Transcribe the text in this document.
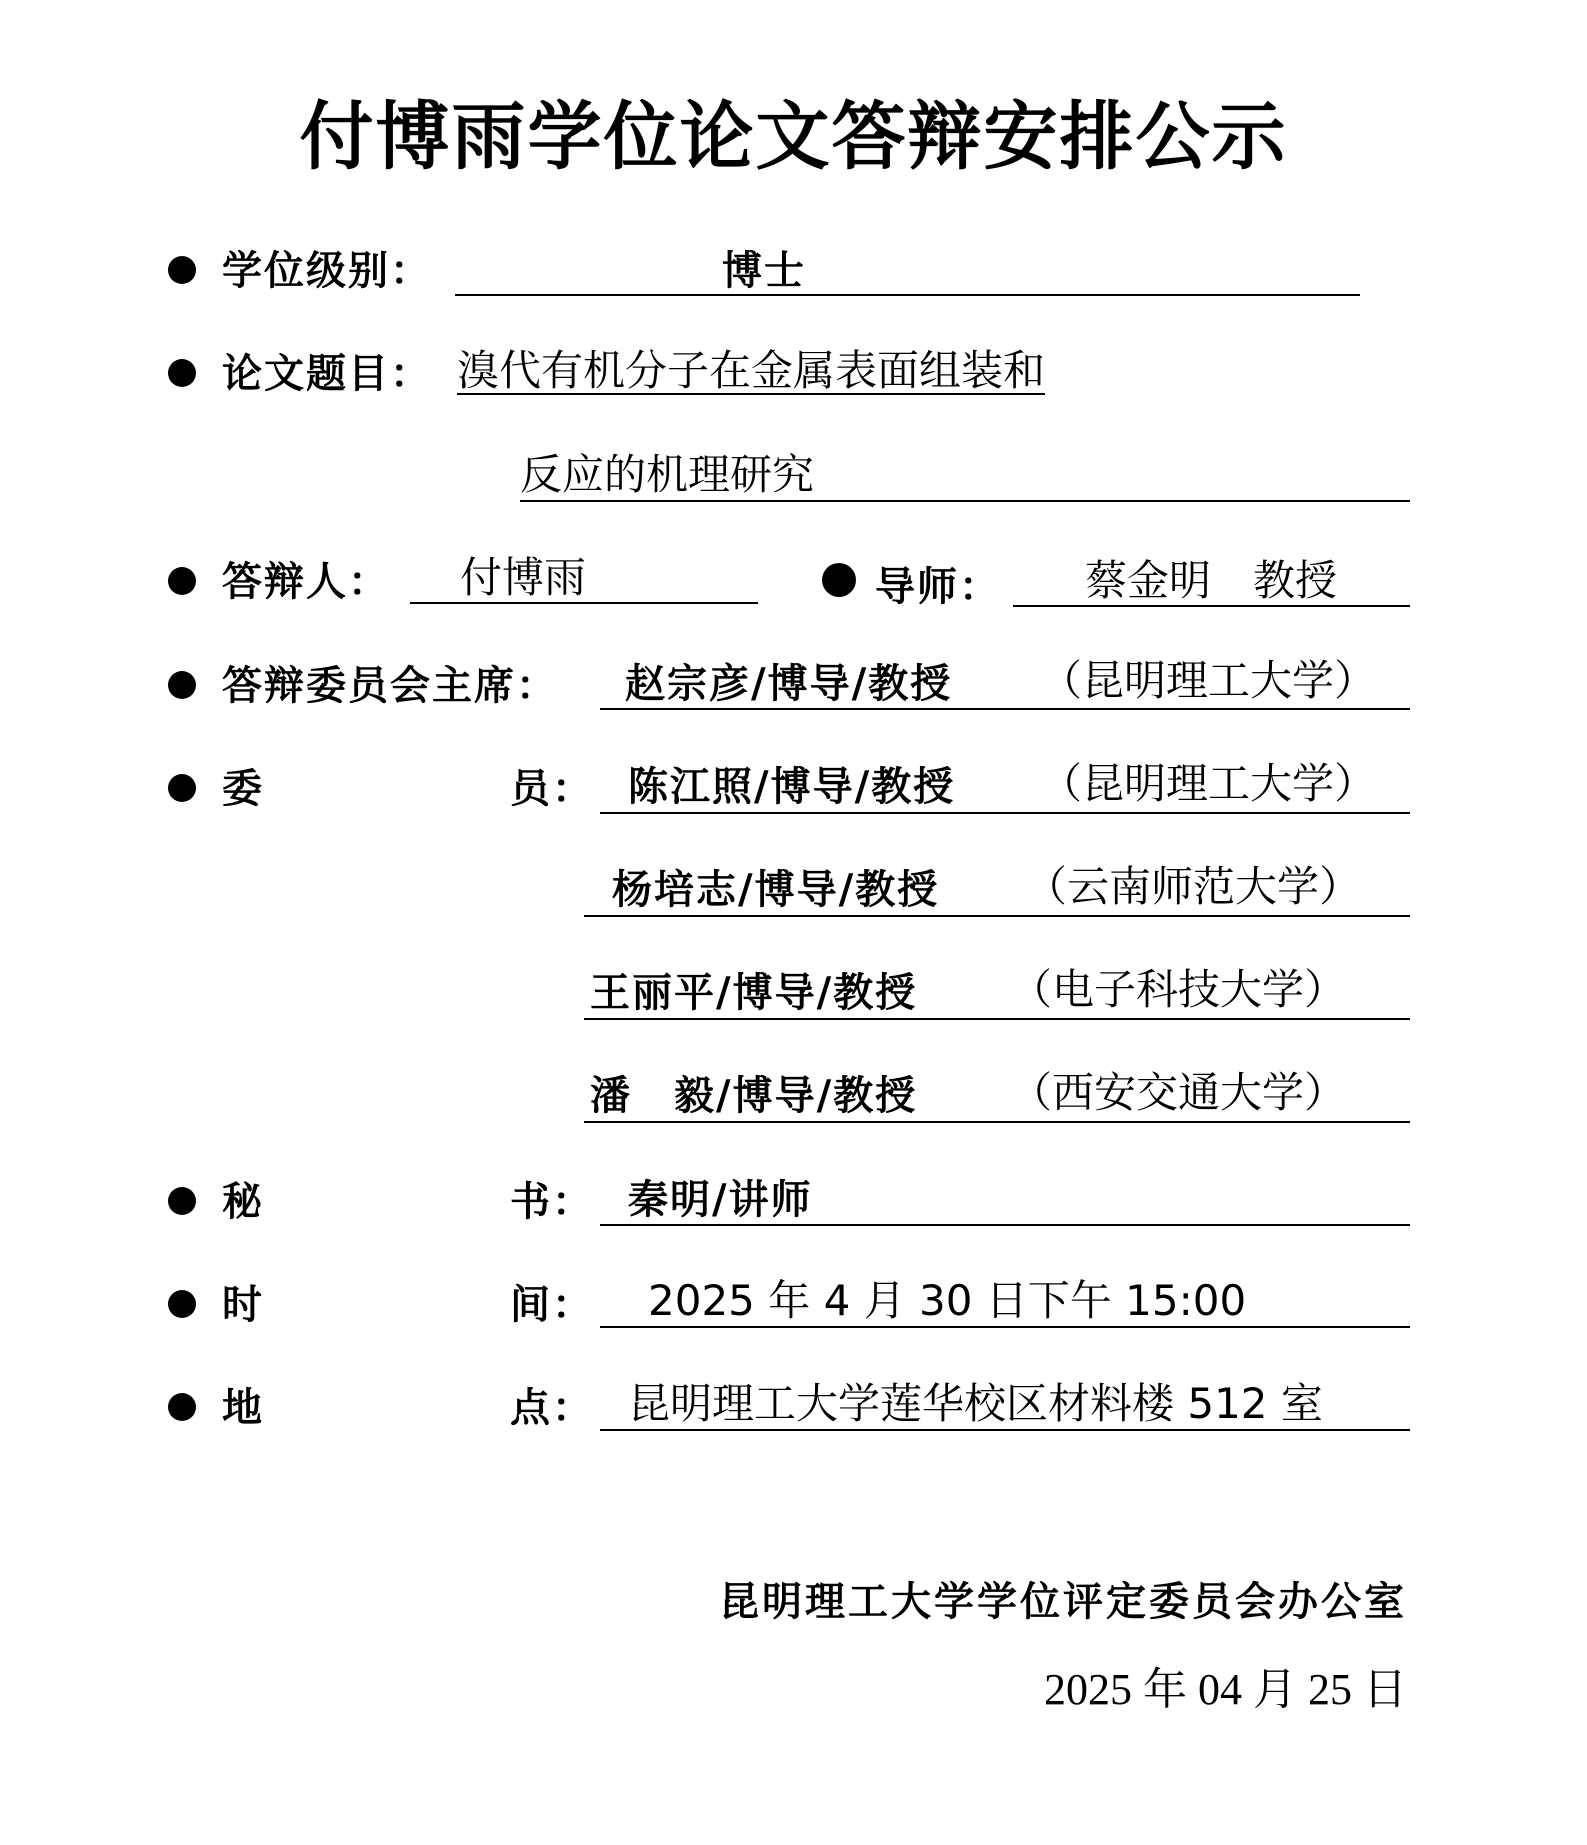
付博雨学位论文答辩安排公示
学位级别：	博士
论文题目： 溴代有机分子在金属表面组装和
反应的机理研究
答辩人： 付博雨	导师： 蔡金明　教授
答辩委员会主席： 赵宗彦/博导/教授 （昆明理工大学）
委	员： 陈江照/博导/教授 （昆明理工大学）
杨培志/博导/教授 （云南师范大学）
王丽平/博导/教授 （电子科技大学）
潘　毅/博导/教授 （西安交通大学）
秘	书： 秦明/讲师
时	间： 2025 年 4 月 30 日下午 15:00
地	点： 昆明理工大学莲华校区材料楼 512 室
昆明理工大学学位评定委员会办公室
2025 年 04 月 25 日
